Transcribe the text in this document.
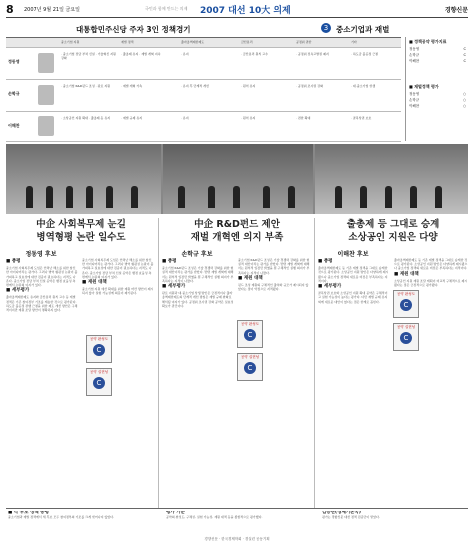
8 2007년 9월 21일 금요일	2007 대선 10大 의제
국민과 함께 만드는 의제	경향신문
대통합민주신당 주자 3인 정책경기	3	중소기업과 재벌
중소기업 지원	재벌 정책	출자총액제한제도	금산분리	공정위 권한	기타
정동영
· 중소기업 전담 부처 신설 · 기술혁신 지원 강화
· 출총제 유지 · 재벌 개혁 지속	· 유지	· 금산분리 원칙 고수	· 공정위 전속고발권 폐지	· 하도급 불공정 근절
손학규
· 중소기업 R&D펀드 조성 · 판로 지원	· 재벌 개혁 가속	· 유지 후 단계적 개선	· 원칙 유지	· 공정위 조사권 강화	· 대·중소기업 상생
이해찬
· 소상공인 지원 확대 · 출총제 등 유지	· 재벌 규제 유지	· 유지	· 원칙 유지	· 권한 확대	· 골목상권 보호
■ 정책공약 평가지표
정동영	C
손학규	C
이해찬	C
■ 재벌정책 평가
정동영	○
손학규	○
이해찬	○
中企 사회복무제 눈길
병역형평 논란 일수도
中企 R&D펀드 제안
재벌 개혁엔 의지 부족
출총제 등 그대로 승계
소상공인 지원은 다양
정동영 후보	손학규 후보	이해찬 후보
■ 총평
중소기업 사회복무제 도입은 인력난 해소를 위한 참신한 아이디어라는 평가다. 그러나 병역 형평성 논란이 불가피하고 실효성에 대한 검증이 필요하다는 지적도 나온다. 중소기업 전담 부처 신설 공약은 행정 효율성 측면에서 논란의 여지가 있다.
■ 세부평가
출자총액제한제도 유지와 금산분리 원칙 고수 등 재벌 정책은 기존 참여정부 기조를 계승한 것으로 평가된다. 하도급 불공정 관행 근절을 위한 제도 개선 방안은 구체적이지만 재원 조달 방안이 명확하지 않다.
중소기업 사회복무제 도입은 인력난 해소를 위한 참신한 아이디어라는 평가다. 그러나 병역 형평성 논란이 불가피하고 실효성에 대한 검증이 필요하다는 지적도 나온다. 중소기업 전담 부처 신설 공약은 행정 효율성 측면에서 논란의 여지가 있다.
■ 재원 대책
중소기업 지원 예산 확대를 위한 재원 마련 방안이 제시되지 않아 실현 가능성에 의문이 제기된다.
공약 완성도
C
공약 실현성
C
■ 총평
중소기업 R&D펀드 조성은 기술 경쟁력 강화를 위한 현실적 대안이라는 평가를 받았다. 반면 재벌 개혁에 대해서는 원칙적 입장만 밝혔을 뿐 구체적인 실행 의지가 부족하다는 지적이 나왔다.
■ 세부평가
판로 지원과 대·중소기업 상생 방안은 긍정적이나 출자총액제한제도의 단계적 개선 방침은 재벌 규제 완화로 해석될 여지가 있다. 공정위 조사권 강화 공약은 실효성 확보가 관건이다.
중소기업 R&D펀드 조성은 기술 경쟁력 강화를 위한 현실적 대안이라는 평가를 받았다. 반면 재벌 개혁에 대해서는 원칙적 입장만 밝혔을 뿐 구체적인 실행 의지가 부족하다는 지적이 나왔다.
■ 재원 대책
펀드 조성 재원의 구체적인 출처와 규모가 제시되지 않았다는 점이 약점으로 지적됐다.
공약 완성도
C
공약 실현성
C
■ 총평
출자총액제한제도 등 기존 재벌 정책을 그대로 승계한 것으로 평가된다. 소상공인 지원 방안은 다양하게 제시됐으나 중소기업 정책의 새로운 비전은 부족하다는 지적이다.
■ 세부평가
골목상권 보호와 소상공인 지원 확대 공약은 구체적이고 실현 가능성이 높다는 평가다. 다만 재벌 규제 유지 외에 새로운 대안이 없다는 점은 한계로 꼽힌다.
출자총액제한제도 등 기존 재벌 정책을 그대로 승계한 것으로 평가된다. 소상공인 지원 방안은 다양하게 제시됐으나 중소기업 정책의 새로운 비전은 부족하다는 지적이다.
■ 재원 대책
소상공인 지원 재원 조달 계획이 비교적 구체적으로 제시됐다는 점은 긍정적으로 평가됐다.
공약 완성도
C
공약 실현성
C
■ 각 후보 정책 총평
중소기업과 재벌 정책에서 세 후보 모두 참여정부의 기조를 크게 벗어나지 않았다.
평가 기준
공약의 완성도, 구체성, 실현 가능성, 재원 대책 등을 종합적으로 평가했다.
검증단(경제기본국)
평가는 경향신문 대선 정책 검증단이 맡았다.
경향신문 · 한국경제학회 · 경실련 공동기획
